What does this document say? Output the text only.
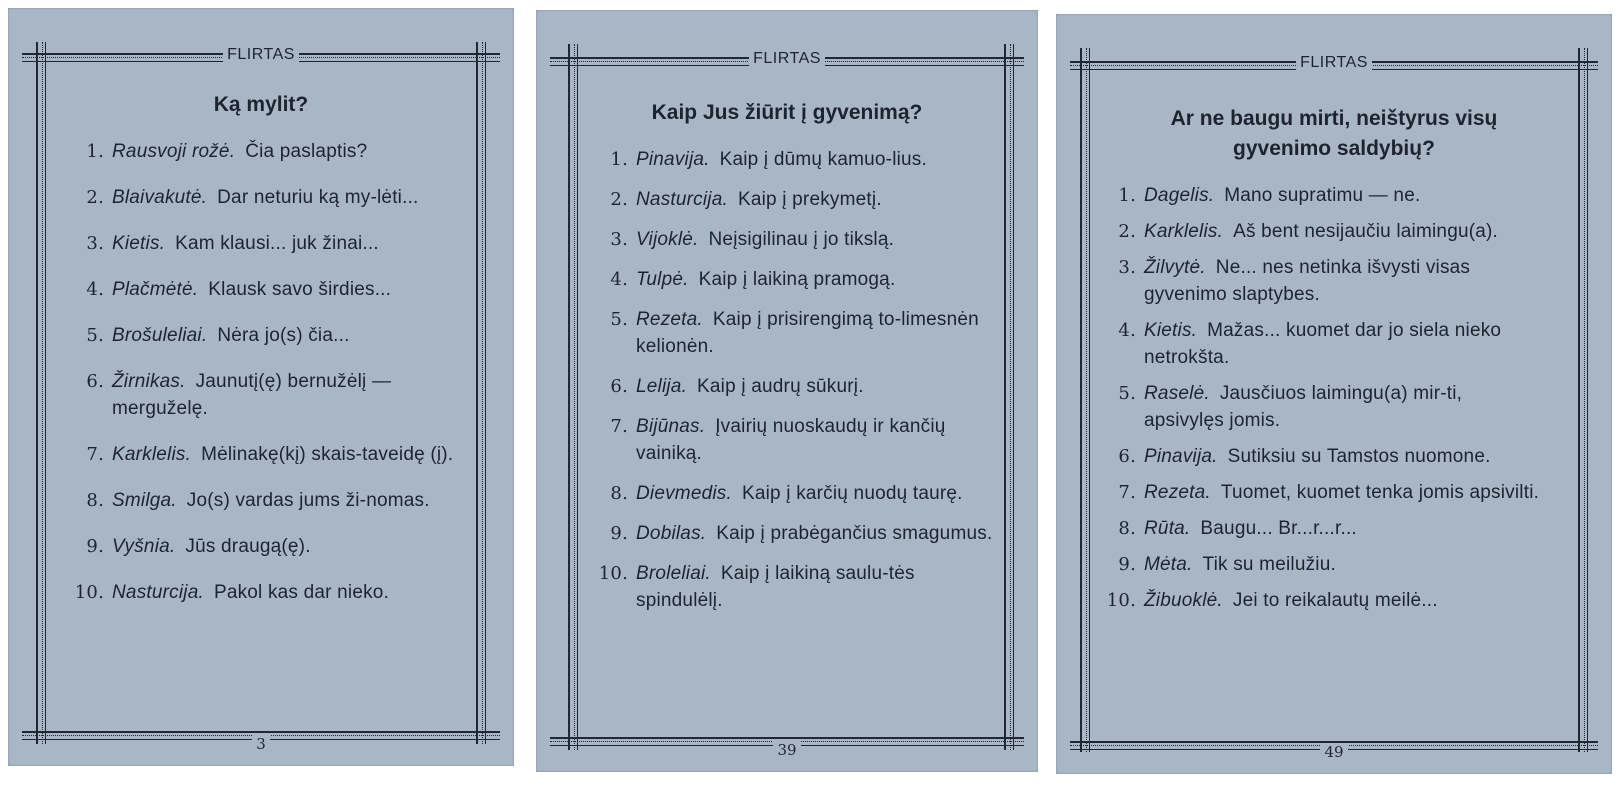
FLIRTAS
Ką mylit?
1. Rausvoji rožė. Čia paslaptis?
2. Blaivakutė. Dar neturiu ką my-lėti...
3. Kietis. Kam klausi... juk žinai...
4. Plačmėtė. Klausk savo širdies...
5. Brošuleliai. Nėra jo(s) čia...
6. Žirnikas. Jaunutį(ę) bernužėlį — merguželę.
7. Karklelis. Mėlinakę(kį) skais-taveidę (į).
8. Smilga. Jo(s) vardas jums ži-nomas.
9. Vyšnia. Jūs draugą(ę).
10. Nasturcija. Pakol kas dar nieko.
3
FLIRTAS
Kaip Jus žiūrit į gyvenimą?
1. Pinavija. Kaip į dūmų kamuo-lius.
2. Nasturcija. Kaip į prekymetį.
3. Vijoklė. Neįsigilinau į jo tikslą.
4. Tulpė. Kaip į laikiną pramogą.
5. Rezeta. Kaip į prisirengimą to-limesnėn kelionėn.
6. Lelija. Kaip į audrų sūkurį.
7. Bijūnas. Įvairių nuoskaudų ir kančių vainiką.
8. Dievmedis. Kaip į karčių nuodų taurę.
9. Dobilas. Kaip į prabėgančius smagumus.
10. Broleliai. Kaip į laikiną saulu-tės spindulėlį.
39
FLIRTAS
Ar ne baugu mirti, neištyrus visų gyvenimo saldybių?
1. Dagelis. Mano supratimu — ne.
2. Karklelis. Aš bent nesijaučiu laimingu(a).
3. Žilvytė. Ne... nes netinka išvysti visas gyvenimo slaptybes.
4. Kietis. Mažas... kuomet dar jo siela nieko netrokšta.
5. Raselė. Jausčiuos laimingu(a) mir-ti, apsivylęs jomis.
6. Pinavija. Sutiksiu su Tamstos nuomone.
7. Rezeta. Tuomet, kuomet tenka jomis apsivilti.
8. Rūta. Baugu... Br...r...r...
9. Mėta. Tik su meilužiu.
10. Žibuoklė. Jei to reikalautų meilė...
49
